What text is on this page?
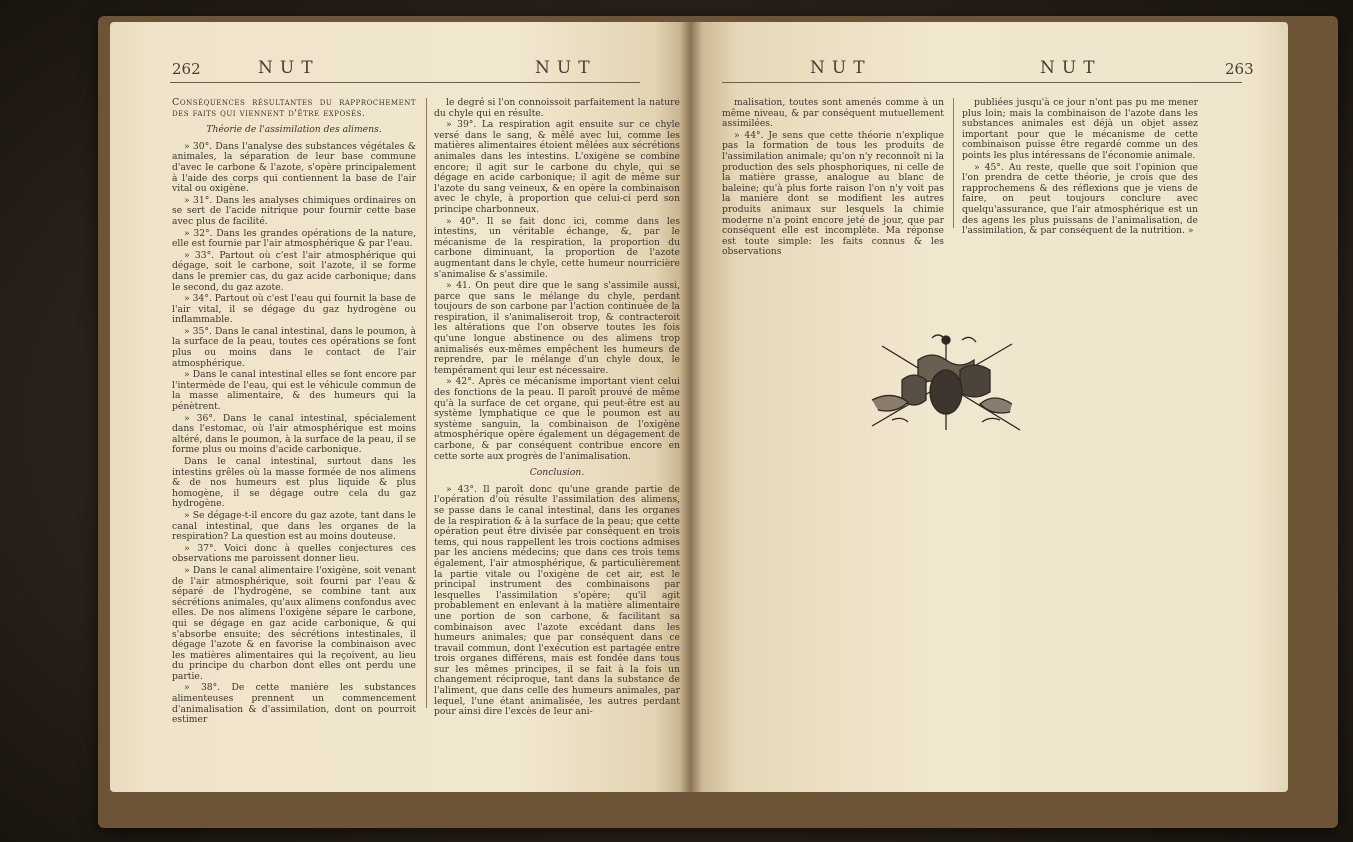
262	NUT	NUT

Conséquences résultantes du rapprochement des faits qui viennent d'être exposés.

Théorie de l'assimilation des alimens.

» 30°. Dans l'analyse des substances végétales & animales, la séparation de leur base commune d'avec le carbone & l'azote, s'opère principalement à l'aide des corps qui contiennent la base de l'air vital ou oxigène.

» 31°. Dans les analyses chimiques ordinaires on se sert de l'acide nitrique pour fournir cette base avec plus de facilité.

» 32°. Dans les grandes opérations de la nature, elle est fournie par l'air atmosphérique & par l'eau.

» 33°. Partout où c'est l'air atmosphérique qui dégage, soit le carbone, soit l'azote, il se forme dans le premier cas, du gaz acide carbonique; dans le second, du gaz azote.

» 34°. Partout où c'est l'eau qui fournit la base de l'air vital, il se dégage du gaz hydrogène ou inflammable.

» 35°. Dans le canal intestinal, dans le poumon, à la surface de la peau, toutes ces opérations se font plus ou moins dans le contact de l'air atmosphérique.

» Dans le canal intestinal elles se font encore par l'intermède de l'eau, qui est le véhicule commun de la masse alimentaire, & des humeurs qui la pénètrent.

» 36°. Dans le canal intestinal, spécialement dans l'estomac, où l'air atmosphérique est moins altéré, dans le poumon, à la surface de la peau, il se forme plus ou moins d'acide carbonique.

Dans le canal intestinal, surtout dans les intestins grêles où la masse formée de nos alimens & de nos humeurs est plus liquide & plus homogène, il se dégage outre cela du gaz hydrogène.

» Se dégage-t-il encore du gaz azote, tant dans le canal intestinal, que dans les organes de la respiration? La question est au moins douteuse.

» 37°. Voici donc à quelles conjectures ces observations me paroissent donner lieu.

» Dans le canal alimentaire l'oxigène, soit venant de l'air atmosphérique, soit fourni par l'eau & séparé de l'hydrogène, se combine tant aux sécrétions animales, qu'aux alimens confondus avec elles. De nos alimens l'oxigène sépare le carbone, qui se dégage en gaz acide carbonique, & qui s'absorbe ensuite; des sécrétions intestinales, il dégage l'azote & en favorise la combinaison avec les matières alimentaires qui la reçoivent, au lieu du principe du charbon dont elles ont perdu une partie.

» 38°. De cette manière les substances alimenteuses prennent un commencement d'animalisation & d'assimilation, dont on pourroit estimer

le degré si l'on connoissoit parfaitement la nature du chyle qui en résulte.

» 39°. La respiration agit ensuite sur ce chyle versé dans le sang, & mêlé avec lui, comme les matières alimentaires étoient mêlées aux sécrétions animales dans les intestins. L'oxigène se combine encore; il agit sur le carbone du chyle, qui se dégage en acide carbonique; il agit de même sur l'azote du sang veineux, & en opère la combinaison avec le chyle, à proportion que celui-ci perd son principe charbonneux.

» 40°. Il se fait donc ici, comme dans les intestins, un véritable échange, &, par le mécanisme de la respiration, la proportion du carbone diminuant, la proportion de l'azote augmentant dans le chyle, cette humeur nourricière s'animalise & s'assimile.

» 41. On peut dire que le sang s'assimile aussi, parce que sans le mélange du chyle, perdant toujours de son carbone par l'action continuée de la respiration, il s'animaliseroit trop, & contracteroit les altérations que l'on observe toutes les fois qu'une longue abstinence ou des alimens trop animalisés eux-mêmes empêchent les humeurs de reprendre, par le mélange d'un chyle doux, le tempérament qui leur est nécessaire.

» 42°. Après ce mécanisme important vient celui des fonctions de la peau. Il paroît prouvé de même qu'à la surface de cet organe, qui peut-être est au système lymphatique ce que le poumon est au système sanguin, la combinaison de l'oxigène atmosphérique opère également un dégagement de carbone, & par conséquent contribue encore en cette sorte aux progrès de l'animalisation.

Conclusion.

» 43°. Il paroît donc qu'une grande partie de l'opération d'où résulte l'assimilation des alimens, se passe dans le canal intestinal, dans les organes de la respiration & à la surface de la peau; que cette opération peut être divisée par conséquent en trois tems, qui nous rappellent les trois coctions admises par les anciens médecins; que dans ces trois tems également, l'air atmosphérique, & particulièrement la partie vitale ou l'oxigène de cet air, est le principal instrument des combinaisons par lesquelles l'assimilation s'opère; qu'il agit probablement en enlevant à la matière alimentaire une portion de son carbone, & facilitant sa combinaison avec l'azote excédant dans les humeurs animales; que par conséquent dans ce travail commun, dont l'exécution est partagée entre trois organes différens, mais est fondée dans tous sur les mêmes principes, il se fait à la fois un changement réciproque, tant dans la substance de l'aliment, que dans celle des humeurs animales, par lequel, l'une étant animalisée, les autres perdant pour ainsi dire l'excès de leur ani-

NUT	NUT	263

malisation, toutes sont amenés comme à un même niveau, & par conséquent mutuellement assimilées.

» 44°. Je sens que cette théorie n'explique pas la formation de tous les produits de l'assimilation animale; qu'on n'y reconnoît ni la production des sels phosphoriques, ni celle de la matière grasse, analogue au blanc de baleine; qu'à plus forte raison l'on n'y voit pas la manière dont se modifient les autres produits animaux sur lesquels la chimie moderne n'a point encore jeté de jour, que par conséquent elle est incomplète. Ma réponse est toute simple: les faits connus & les observations

publiées jusqu'à ce jour n'ont pas pu me mener plus loin; mais la combinaison de l'azote dans les substances animales est déjà un objet assez important pour que le mécanisme de cette combinaison puisse être regardé comme un des points les plus intéressans de l'économie animale.

» 45°. Au reste, quelle que soit l'opinion que l'on prendra de cette théorie, je crois que des rapprochemens & des réflexions que je viens de faire, on peut toujours conclure avec quelqu'assurance, que l'air atmosphérique est un des agens les plus puissans de l'animalisation, de l'assimilation, & par conséquent de la nutrition. »
